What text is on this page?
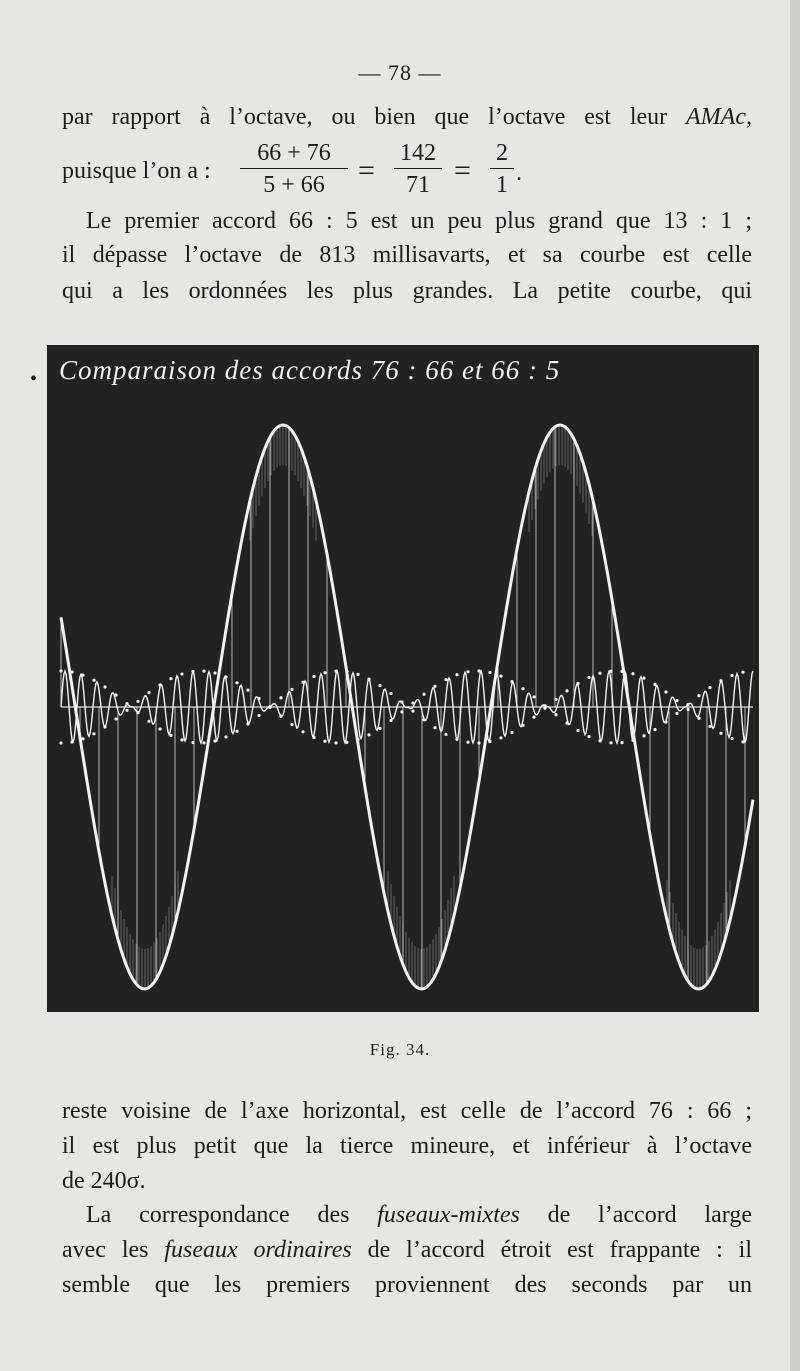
— 78 —
par rapport à l’octave, ou bien que l’octave est leur AMAc,
puisque l’on a :
66 + 76
5 + 66	=
142
71 =
2
1 .
Le premier accord 66 : 5 est un peu plus grand que 13 : 1 ;
il dépasse l’octave de 813 millisavarts, et sa courbe est celle
qui a les ordonnées les plus grandes. La petite courbe, qui
• Comparaison des accords 76 : 66 et 66 : 5
Fig. 34.
reste voisine de l’axe horizontal, est celle de l’accord 76 : 66 ;
il est plus petit que la tierce mineure, et inférieur à l’octave
de 240σ.
La correspondance des fuseaux-mixtes de l’accord large
avec les fuseaux ordinaires de l’accord étroit est frappante : il
semble que les premiers proviennent des seconds par un
